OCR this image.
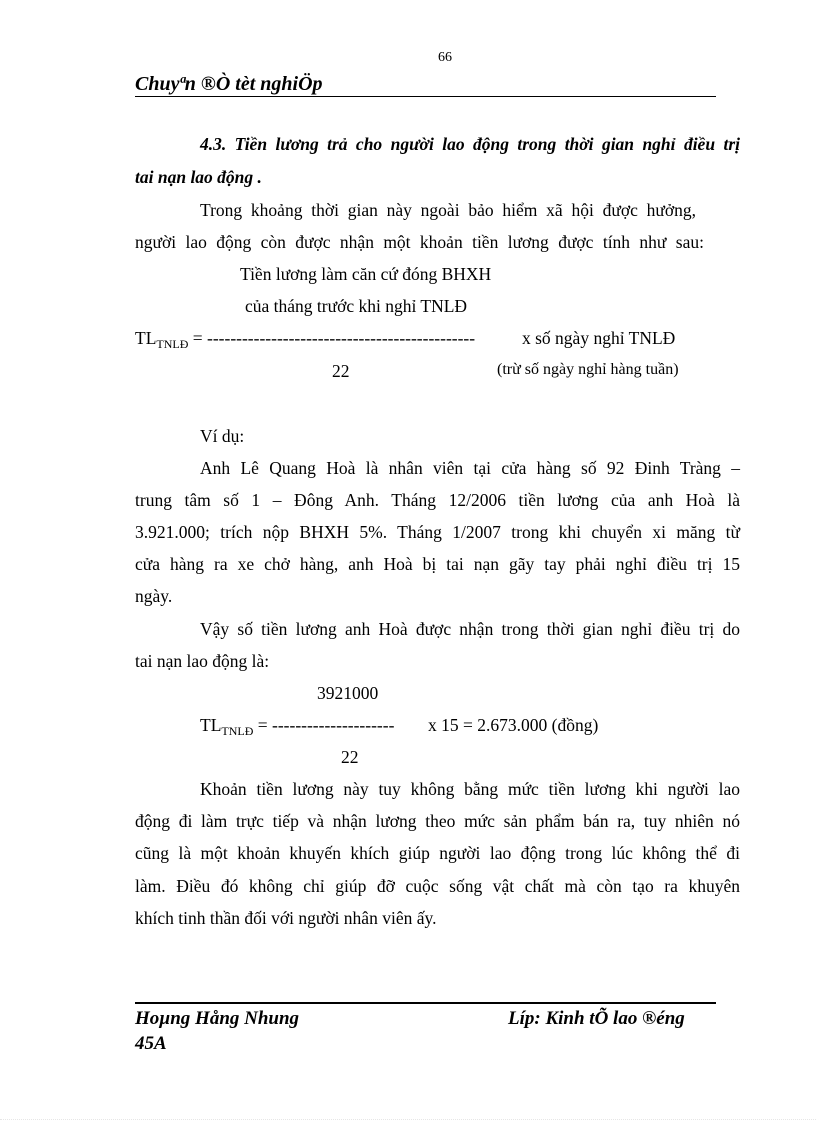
66
Chuyªn ®Ò tèt nghiÖp
4.3. Tiền lương trả cho người lao động trong thời gian nghỉ điều trị
tai nạn lao động .
Trong khoảng thời gian này ngoài bảo hiểm xã hội được hưởng,
người lao động còn được nhận một khoản tiền lương được tính như sau:
Tiền lương làm căn cứ đóng BHXH
của tháng trước khi nghỉ TNLĐ
$TL_{TNLĐ}$ = ----------------------------------------------	x số ngày nghỉ TNLĐ
22	(trừ số ngày nghỉ hàng tuần)
Ví dụ:
Anh Lê Quang Hoà là nhân viên tại cửa hàng số 92 Đinh Tràng –
trung tâm số 1 – Đông Anh. Tháng 12/2006 tiền lương của anh Hoà là
3.921.000; trích nộp BHXH 5%. Tháng 1/2007 trong khi chuyển xi măng từ
cửa hàng ra xe chở hàng, anh Hoà bị tai nạn gãy tay phải nghỉ điều trị 15
ngày.
Vậy số tiền lương anh Hoà được nhận trong thời gian nghỉ điều trị do
tai nạn lao động là:
3921000
$TL_{TNLĐ}$ = --------------------- x 15 = 2.673.000 (đồng)
22
Khoản tiền lương này tuy không bằng mức tiền lương khi người lao
động đi làm trực tiếp và nhận lương theo mức sản phẩm bán ra, tuy nhiên nó
cũng là một khoản khuyến khích giúp người lao động trong lúc không thể đi
làm. Điều đó không chỉ giúp đỡ cuộc sống vật chất mà còn tạo ra khuyên
khích tinh thần đối với người nhân viên ấy.
Hoµng Hång Nhung	Líp: Kinh tÕ lao ®éng
45A
